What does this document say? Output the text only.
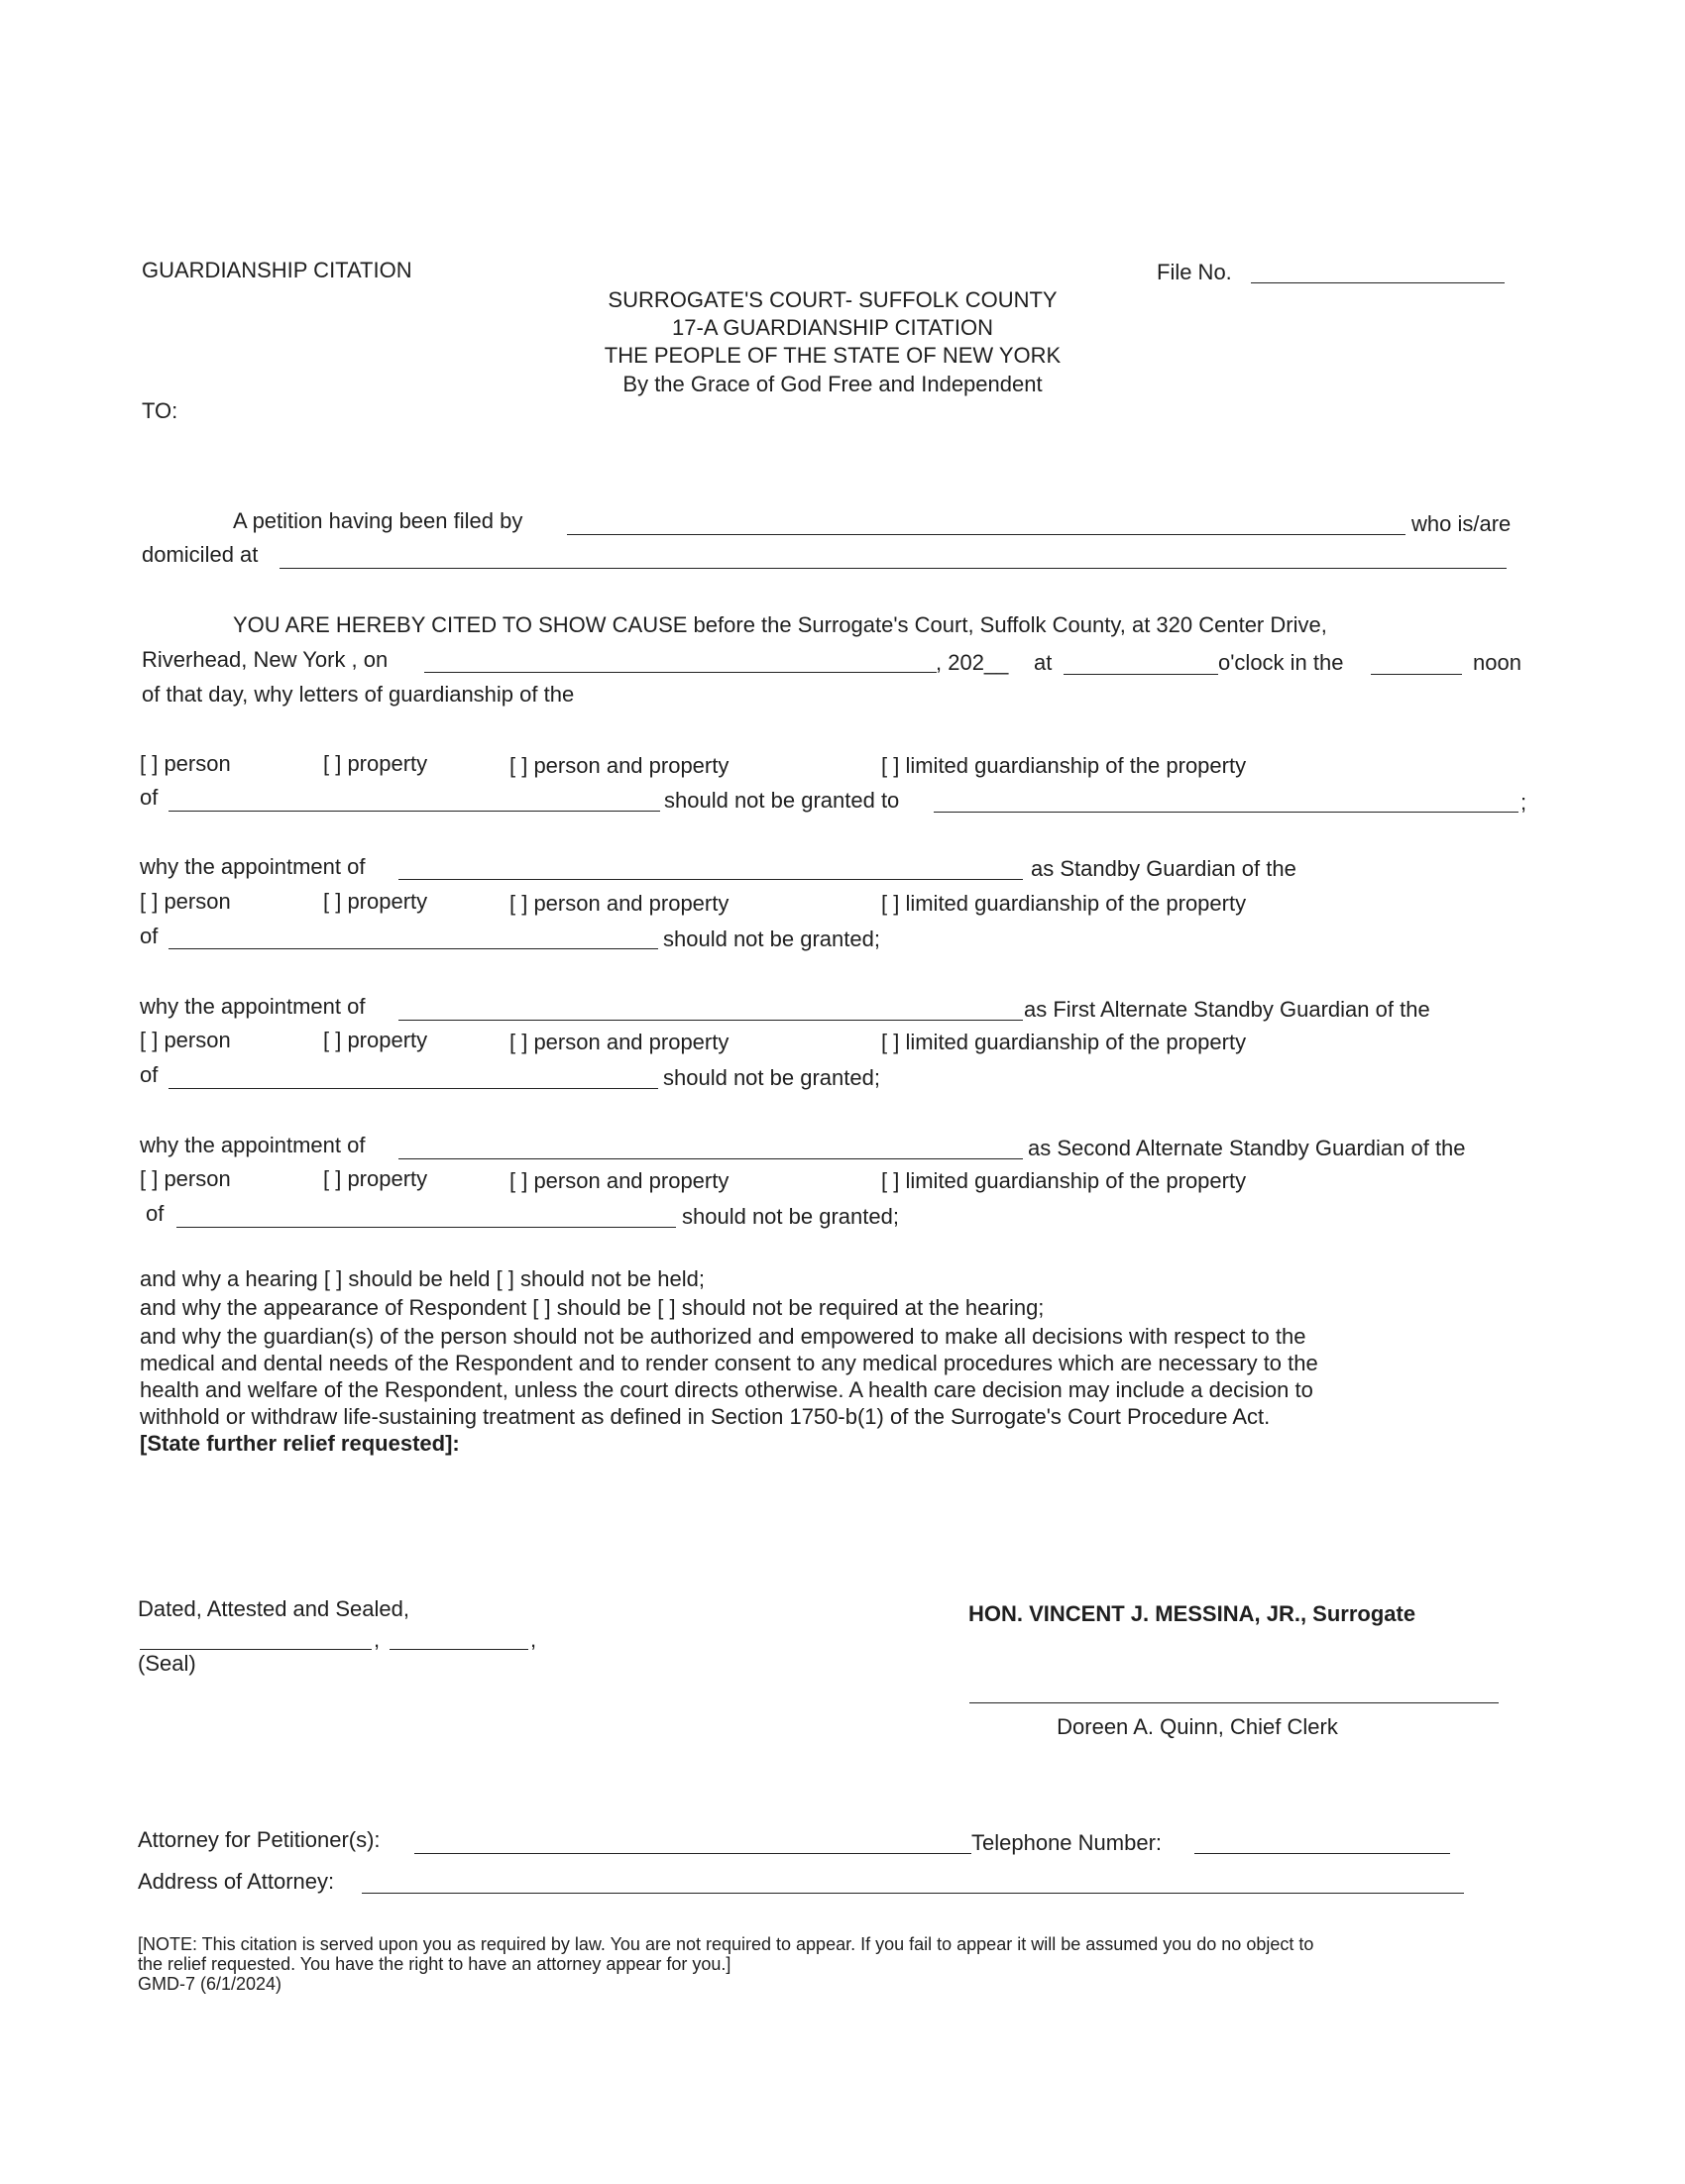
GUARDIANSHIP CITATION	File No.
SURROGATE'S COURT- SUFFOLK COUNTY
17-A GUARDIANSHIP CITATION
THE PEOPLE OF THE STATE OF NEW YORK
By the Grace of God Free and Independent
TO:
A petition having been filed by	who is/are
domiciled at
YOU ARE HEREBY CITED TO SHOW CAUSE before the Surrogate's Court, Suffolk County, at 320 Center Drive,
Riverhead, New York , on	, 202__ at	o'clock in the	noon
of that day, why letters of guardianship of the
[ ] person	[ ] property	[ ] person and property	[ ] limited guardianship of the property
of	should not be granted to	;
why the appointment of	as Standby Guardian of the
[ ] person	[ ] property	[ ] person and property	[ ] limited guardianship of the property
of	should not be granted;
why the appointment of	as First Alternate Standby Guardian of the
[ ] person	[ ] property	[ ] person and property	[ ] limited guardianship of the property
of	should not be granted;
why the appointment of	as Second Alternate Standby Guardian of the
[ ] person	[ ] property	[ ] person and property	[ ] limited guardianship of the property
of	should not be granted;
and why a hearing [ ] should be held [ ] should not be held;
and why the appearance of Respondent [ ] should be [ ] should not be required at the hearing;
and why the guardian(s) of the person should not be authorized and empowered to make all decisions with respect to the
medical and dental needs of the Respondent and to render consent to any medical procedures which are necessary to the
health and welfare of the Respondent, unless the court directs otherwise. A health care decision may include a decision to
withhold or withdraw life-sustaining treatment as defined in Section 1750-b(1) of the Surrogate's Court Procedure Act.
[State further relief requested]:
Dated, Attested and Sealed,
,	,
(Seal)
HON. VINCENT J. MESSINA, JR., Surrogate
Doreen A. Quinn, Chief Clerk
Attorney for Petitioner(s):	Telephone Number:
Address of Attorney:
[NOTE: This citation is served upon you as required by law. You are not required to appear. If you fail to appear it will be assumed you do no object to
the relief requested. You have the right to have an attorney appear for you.]
GMD-7 (6/1/2024)
